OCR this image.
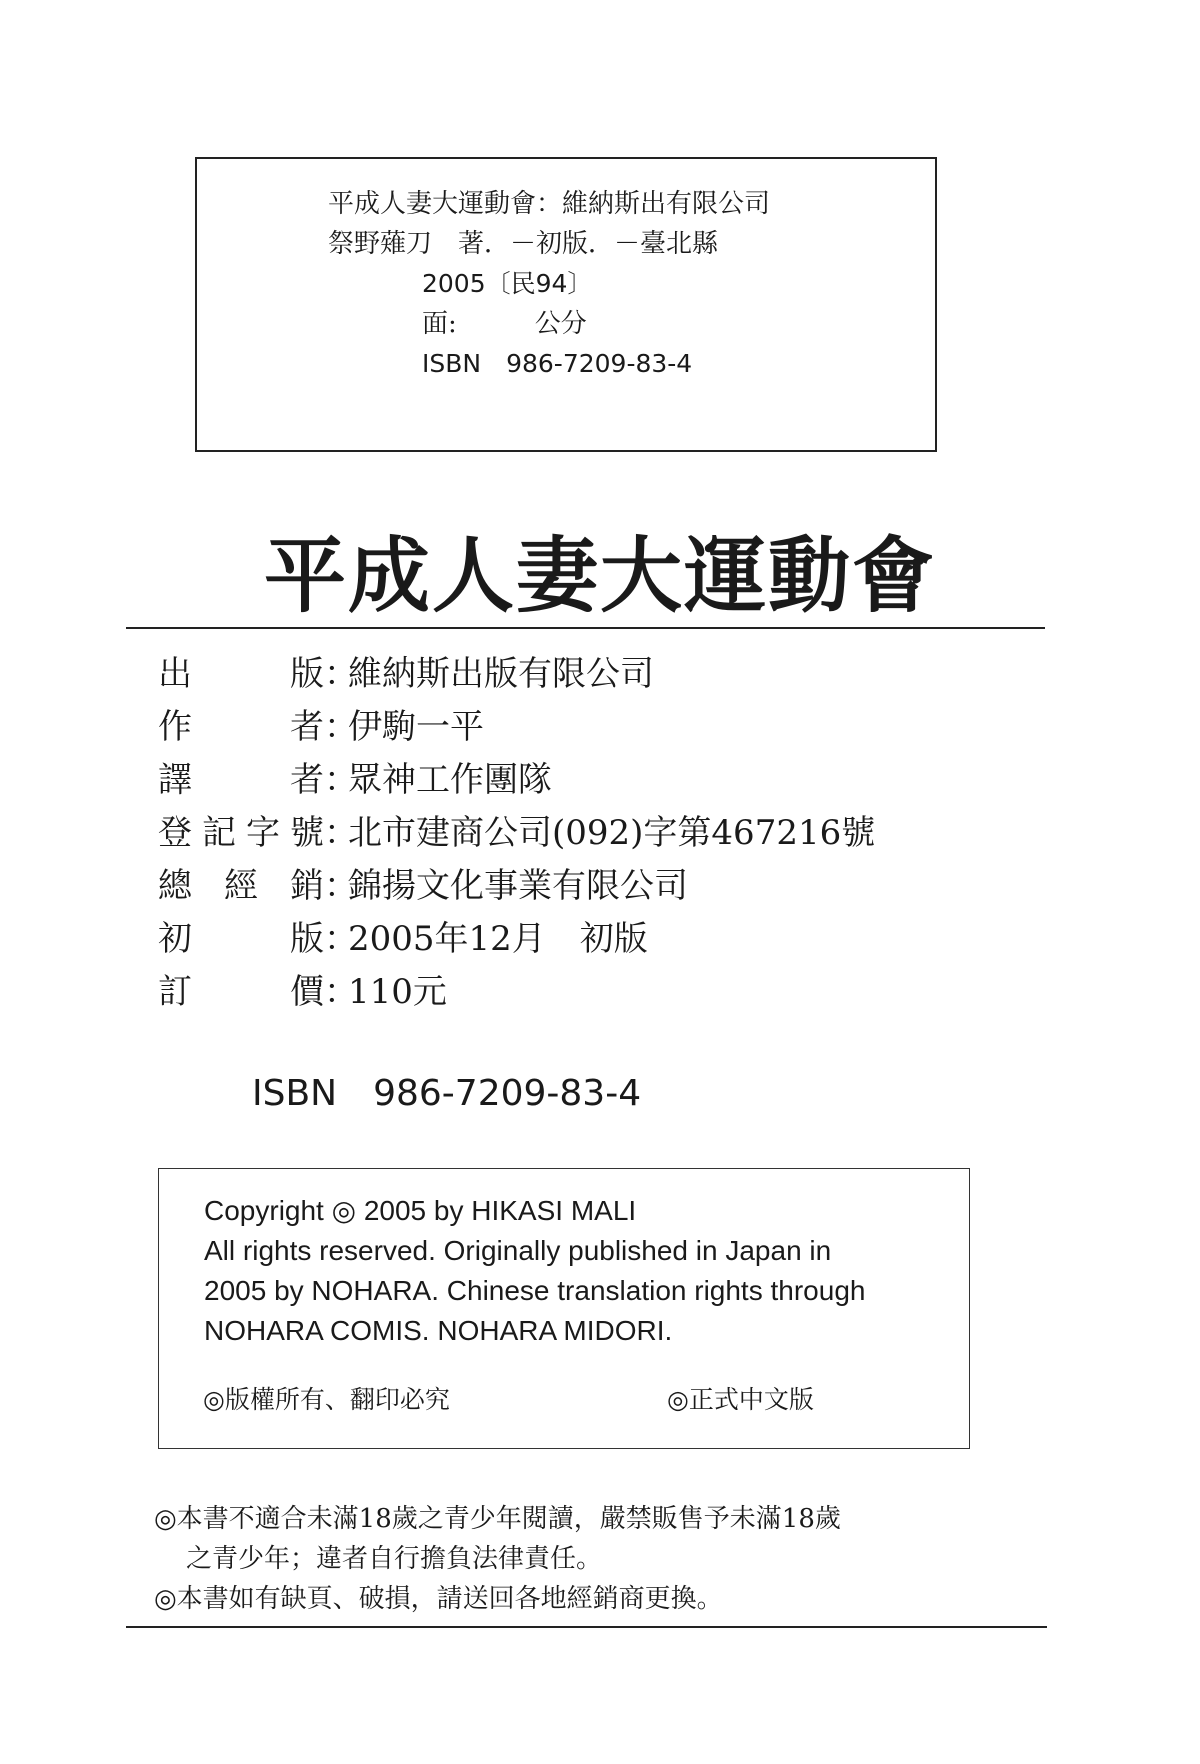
平成人妻大運動會：維納斯出有限公司
祭野薙刀　著．－初版．－臺北縣
2005〔民94〕
面:　　　公分
ISBN　986-7209-83-4
平成人妻大運動會
出　版：維納斯出版有限公司
作　者：伊駒一平
譯　者：眾神工作團隊
登記字號：北市建商公司(092)字第467216號
總經銷：錦揚文化事業有限公司
初　版：2005年12月　初版
訂　價：110元
ISBN　986-7209-83-4
Copyright ◎ 2005 by HIKASI MALI
All rights reserved. Originally published in Japan in
2005 by NOHARA. Chinese translation rights through
NOHARA COMIS. NOHARA MIDORI.
◎版權所有、翻印必究	◎正式中文版
◎本書不適合未滿18歲之青少年閱讀，嚴禁販售予未滿18歲
之青少年；違者自行擔負法律責任。
◎本書如有缺頁、破損，請送回各地經銷商更換。
